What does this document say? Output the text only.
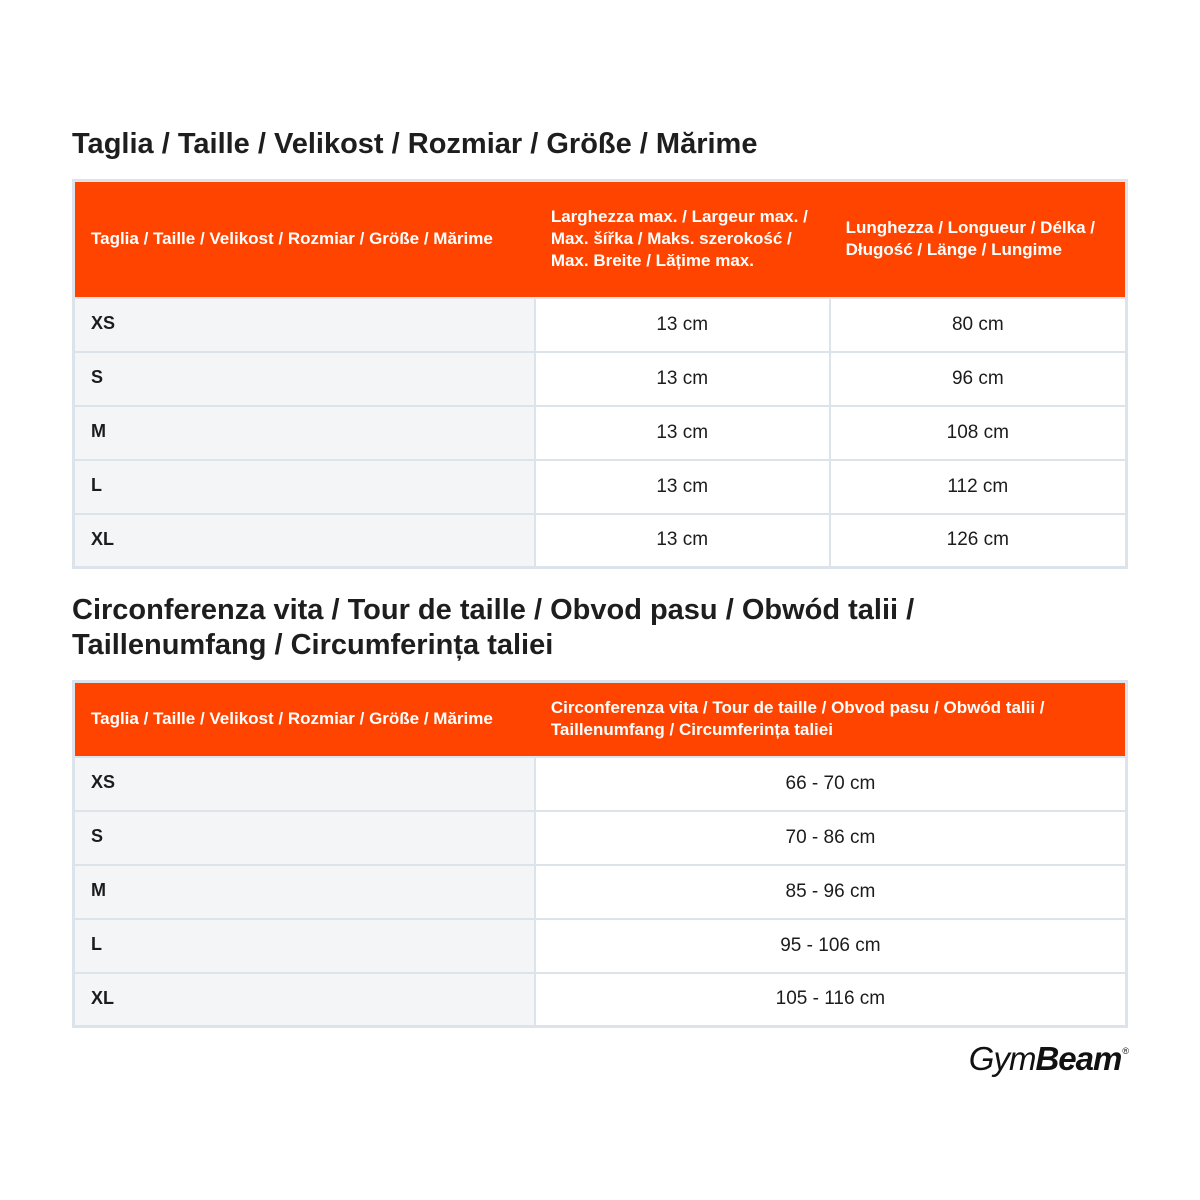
Taglia / Taille / Velikost / Rozmiar / Größe / Mărime
Taglia / Taille / Velikost / Rozmiar / Größe / Mărime	Larghezza max. / Largeur max. / Max. šířka / Maks. szerokość / Max. Breite / Lățime max.	Lunghezza / Longueur / Délka / Długość / Länge / Lungime
XS	13 cm	80 cm
S	13 cm	96 cm
M	13 cm	108 cm
L	13 cm	112 cm
XL	13 cm	126 cm
Circonferenza vita / Tour de taille / Obvod pasu / Obwód talii / Taillenumfang / Circumferința taliei
Taglia / Taille / Velikost / Rozmiar / Größe / Mărime	Circonferenza vita / Tour de taille / Obvod pasu / Obwód talii / Taillenumfang / Circumferința taliei
XS	66 - 70 cm
S	70 - 86 cm
M	85 - 96 cm
L	95 - 106 cm
XL	105 - 116 cm
Gym Beam ®
